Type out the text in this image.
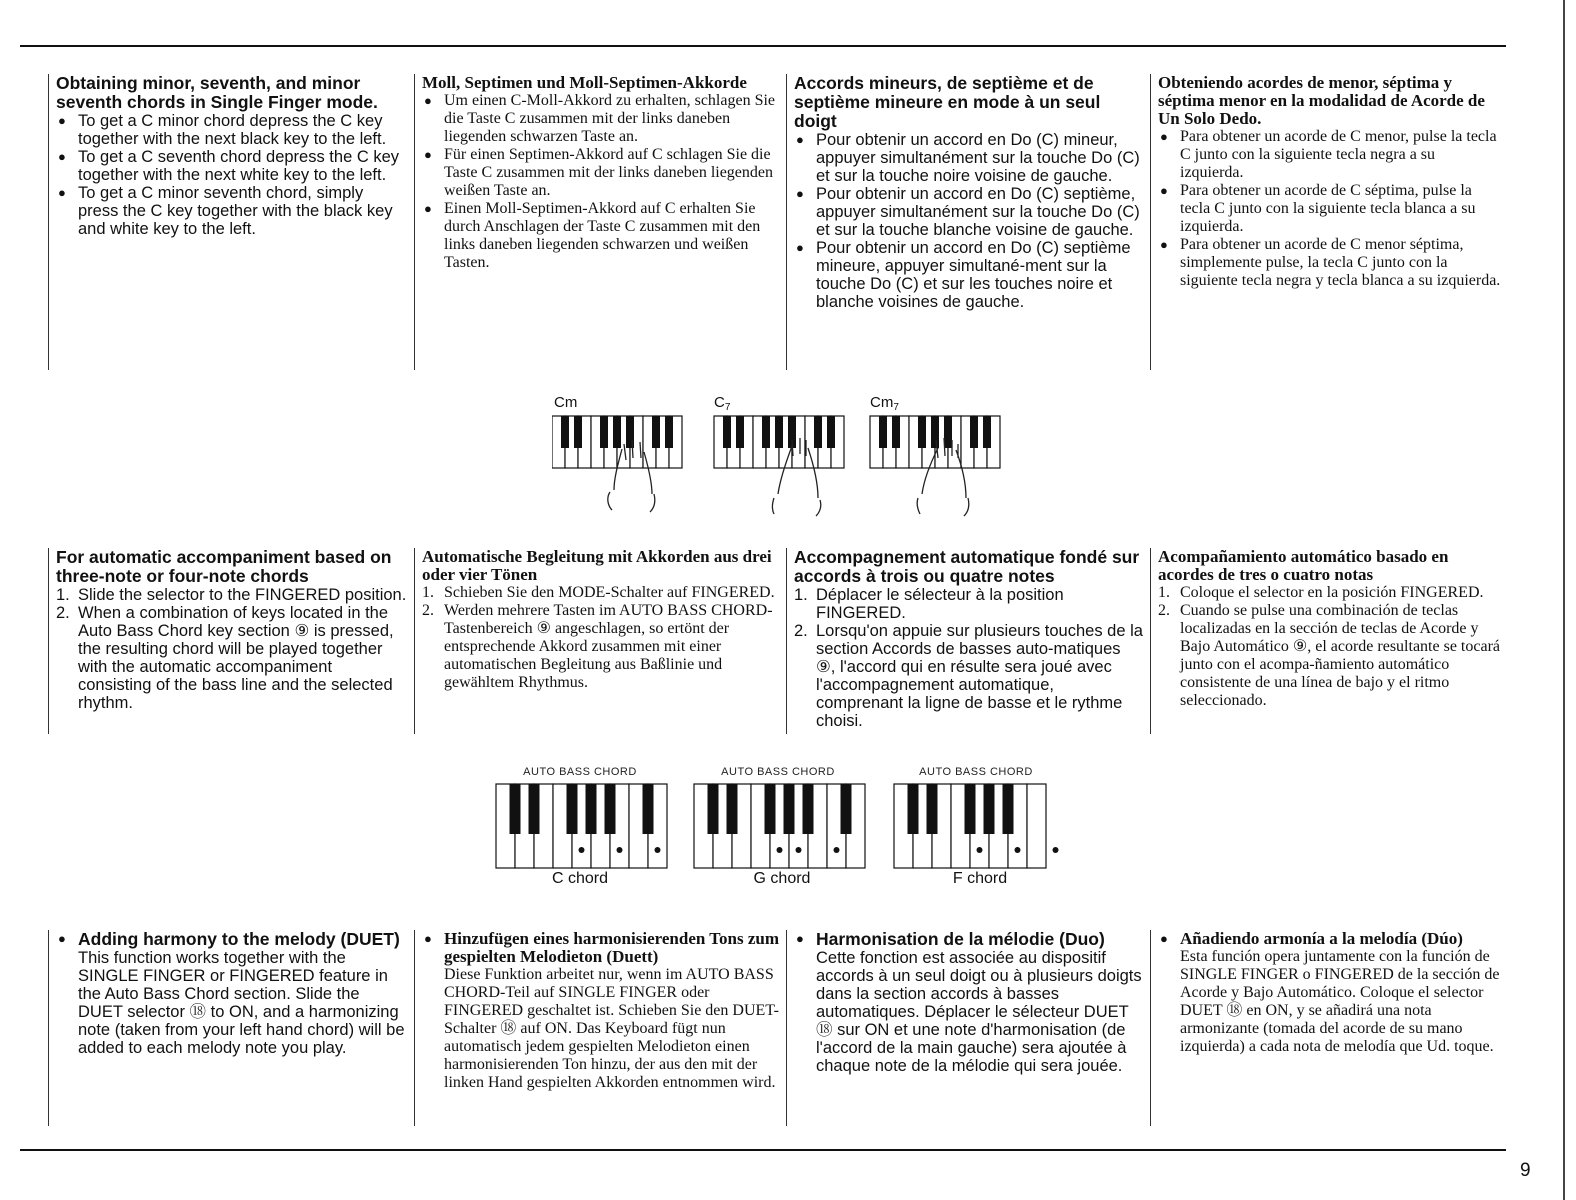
Obtaining minor, seventh, and minor seventh chords in Single Finger mode.
● To get a C minor chord depress the C key together with the next black key to the left.
● To get a C seventh chord depress the C key together with the next white key to the left.
● To get a C minor seventh chord, simply press the C key together with the black key and white key to the left.
Moll, Septimen und Moll-Septimen-Akkorde
● Um einen C-Moll-Akkord zu erhalten, schlagen Sie die Taste C zusammen mit der links daneben liegenden schwarzen Taste an.
● Für einen Septimen-Akkord auf C schlagen Sie die Taste C zusammen mit der links daneben liegenden weißen Taste an.
● Einen Moll-Septimen-Akkord auf C erhalten Sie durch Anschlagen der Taste C zusammen mit den links daneben liegenden schwarzen und weißen Tasten.
Accords mineurs, de septième et de septième mineure en mode à un seul doigt
● Pour obtenir un accord en Do (C) mineur, appuyer simultanément sur la touche Do (C) et sur la touche noire voisine de gauche.
● Pour obtenir un accord en Do (C) septième, appuyer simultanément sur la touche Do (C) et sur la touche blanche voisine de gauche.
● Pour obtenir un accord en Do (C) septième mineure, appuyer simultané-ment sur la touche Do (C) et sur les touches noire et blanche voisines de gauche.
Obteniendo acordes de menor, séptima y séptima menor en la modalidad de Acorde de Un Solo Dedo.
● Para obtener un acorde de C menor, pulse la tecla C junto con la siguiente tecla negra a su izquierda.
● Para obtener un acorde de C séptima, pulse la tecla C junto con la siguiente tecla blanca a su izquierda.
● Para obtener un acorde de C menor séptima, simplemente pulse, la tecla C junto con la siguiente tecla negra y tecla blanca a su izquierda.
Cm	$C_7$	$Cm_7$
For automatic accompaniment based on three-note or four-note chords
1. Slide the selector to the FINGERED position.
2. When a combination of keys located in the Auto Bass Chord key section ⑨ is pressed, the resulting chord will be played together with the automatic accompaniment consisting of the bass line and the selected rhythm.
Automatische Begleitung mit Akkorden aus drei oder vier Tönen
1. Schieben Sie den MODE-Schalter auf FINGERED.
2. Werden mehrere Tasten im AUTO BASS CHORD-Tastenbereich ⑨ angeschlagen, so ertönt der entsprechende Akkord zusammen mit einer automatischen Begleitung aus Baßlinie und gewähltem Rhythmus.
Accompagnement automatique fondé sur accords à trois ou quatre notes
1. Déplacer le sélecteur à la position FINGERED.
2. Lorsqu'on appuie sur plusieurs touches de la section Accords de basses auto-matiques ⑨, l'accord qui en résulte sera joué avec l'accompagnement automatique, comprenant la ligne de basse et le rythme choisi.
Acompañamiento automático basado en acordes de tres o cuatro notas
1. Coloque el selector en la posición FINGERED.
2. Cuando se pulse una combinación de teclas localizadas en la sección de teclas de Acorde y Bajo Automático ⑨, el acorde resultante se tocará junto con el acompa-ñamiento automático consistente de una línea de bajo y el ritmo seleccionado.
AUTO BASS CHORD	AUTO BASS CHORD	AUTO BASS CHORD
C chord	G chord	F chord
● Adding harmony to the melody (DUET)
This function works together with the SINGLE FINGER or FINGERED feature in the Auto Bass Chord section. Slide the DUET selector ⑱ to ON, and a harmonizing note (taken from your left hand chord) will be added to each melody note you play.
● Hinzufügen eines harmonisierenden Tons zum gespielten Melodieton (Duett)
Diese Funktion arbeitet nur, wenn im AUTO BASS CHORD-Teil auf SINGLE FINGER oder FINGERED geschaltet ist. Schieben Sie den DUET-Schalter ⑱ auf ON. Das Keyboard fügt nun automatisch jedem gespielten Melodieton einen harmonisierenden Ton hinzu, der aus den mit der linken Hand gespielten Akkorden entnommen wird.
● Harmonisation de la mélodie (Duo)
Cette fonction est associée au dispositif accords à un seul doigt ou à plusieurs doigts dans la section accords à basses automatiques. Déplacer le sélecteur DUET ⑱ sur ON et une note d'harmonisation (de l'accord de la main gauche) sera ajoutée à chaque note de la mélodie qui sera jouée.
● Añadiendo armonía a la melodía (Dúo)
Esta función opera juntamente con la función de SINGLE FINGER o FINGERED de la sección de Acorde y Bajo Automático. Coloque el selector DUET ⑱ en ON, y se añadirá una nota armonizante (tomada del acorde de su mano izquierda) a cada nota de melodía que Ud. toque.
9
